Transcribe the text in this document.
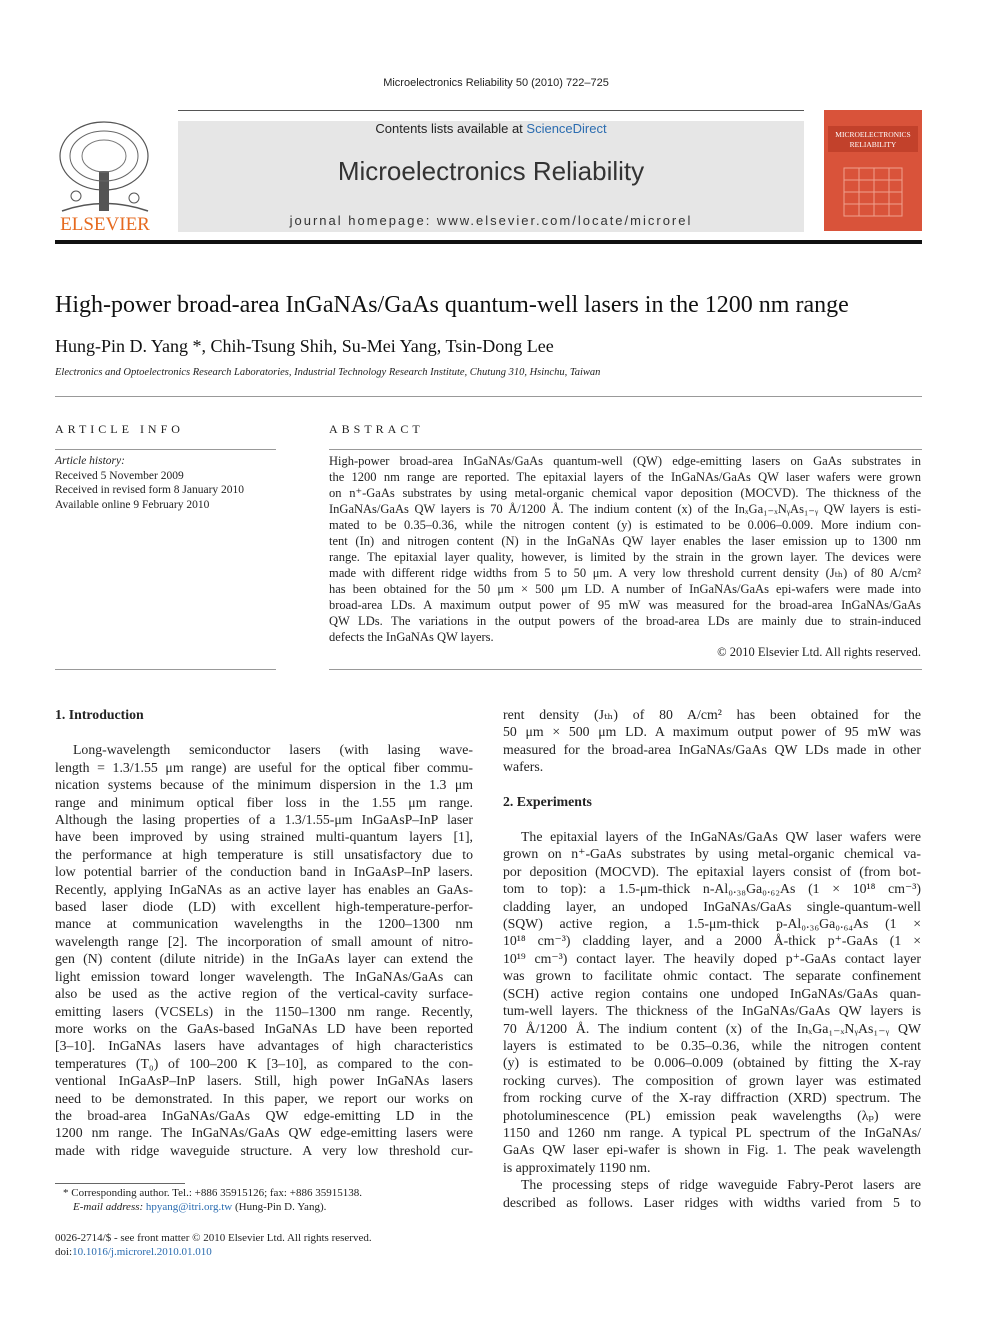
Microelectronics Reliability 50 (2010) 722–725
ELSEVIER
Contents lists available at ScienceDirect
Microelectronics Reliability
journal homepage: www.elsevier.com/locate/microrel
MICROELECTRONICS
RELIABILITY
High-power broad-area InGaNAs/GaAs quantum-well lasers in the 1200 nm range
Hung-Pin D. Yang *, Chih-Tsung Shih, Su-Mei Yang, Tsin-Dong Lee
Electronics and Optoelectronics Research Laboratories, Industrial Technology Research Institute, Chutung 310, Hsinchu, Taiwan
ARTICLE INFO
Article history:
Received 5 November 2009
Received in revised form 8 January 2010
Available online 9 February 2010
ABSTRACT
High-power broad-area InGaNAs/GaAs quantum-well (QW) edge-emitting lasers on GaAs substrates in
the 1200 nm range are reported. The epitaxial layers of the InGaNAs/GaAs QW laser wafers were grown
on n⁺-GaAs substrates by using metal-organic chemical vapor deposition (MOCVD). The thickness of the
InGaNAs/GaAs QW layers is 70 Å/1200 Å. The indium content (x) of the InₓGa₁₋ₓNᵧAs₁₋ᵧ QW layers is esti-
mated to be 0.35–0.36, while the nitrogen content (y) is estimated to be 0.006–0.009. More indium con-
tent (In) and nitrogen content (N) in the InGaNAs QW layer enables the laser emission up to 1300 nm
range. The epitaxial layer quality, however, is limited by the strain in the grown layer. The devices were
made with different ridge widths from 5 to 50 μm. A very low threshold current density (Jₜₕ) of 80 A/cm²
has been obtained for the 50 μm × 500 μm LD. A number of InGaNAs/GaAs epi-wafers were made into
broad-area LDs. A maximum output power of 95 mW was measured for the broad-area InGaNAs/GaAs
QW LDs. The variations in the output powers of the broad-area LDs are mainly due to strain-induced
defects the InGaNAs QW layers.
© 2010 Elsevier Ltd. All rights reserved.
1. Introduction
Long-wavelength semiconductor lasers (with lasing wave-
length = 1.3/1.55 μm range) are useful for the optical fiber commu-
nication systems because of the minimum dispersion in the 1.3 μm
range and minimum optical fiber loss in the 1.55 μm range.
Although the lasing properties of a 1.3/1.55-μm InGaAsP–InP laser
have been improved by using strained multi-quantum layers [1],
the performance at high temperature is still unsatisfactory due to
low potential barrier of the conduction band in InGaAsP–InP lasers.
Recently, applying InGaNAs as an active layer has enables an GaAs-
based laser diode (LD) with excellent high-temperature-perfor-
mance at communication wavelengths in the 1200–1300 nm
wavelength range [2]. The incorporation of small amount of nitro-
gen (N) content (dilute nitride) in the InGaAs layer can extend the
light emission toward longer wavelength. The InGaNAs/GaAs can
also be used as the active region of the vertical-cavity surface-
emitting lasers (VCSELs) in the 1150–1300 nm range. Recently,
more works on the GaAs-based InGaNAs LD have been reported
[3–10]. InGaNAs lasers have advantages of high characteristics
temperatures (T₀) of 100–200 K [3–10], as compared to the con-
ventional InGaAsP–InP lasers. Still, high power InGaNAs lasers
need to be demonstrated. In this paper, we report our works on
the broad-area InGaNAs/GaAs QW edge-emitting LD in the
1200 nm range. The InGaNAs/GaAs QW edge-emitting lasers were
made with ridge waveguide structure. A very low threshold cur-
rent density (Jₜₕ) of 80 A/cm² has been obtained for the
50 μm × 500 μm LD. A maximum output power of 95 mW was
measured for the broad-area InGaNAs/GaAs QW LDs made in other
wafers.
2. Experiments
The epitaxial layers of the InGaNAs/GaAs QW laser wafers were
grown on n⁺-GaAs substrates by using metal-organic chemical va-
por deposition (MOCVD). The epitaxial layers consist of (from bot-
tom to top): a 1.5-μm-thick n-Al₀.₃₈Ga₀.₆₂As (1 × 10¹⁸ cm⁻³)
cladding layer, an undoped InGaNAs/GaAs single-quantum-well
(SQW) active region, a 1.5-μm-thick p-Al₀.₃₆Ga₀.₆₄As (1 ×
10¹⁸ cm⁻³) cladding layer, and a 2000 Å-thick p⁺-GaAs (1 ×
10¹⁹ cm⁻³) contact layer. The heavily doped p⁺-GaAs contact layer
was grown to facilitate ohmic contact. The separate confinement
(SCH) active region contains one undoped InGaNAs/GaAs quan-
tum-well layers. The thickness of the InGaNAs/GaAs QW layers is
70 Å/1200 Å. The indium content (x) of the InₓGa₁₋ₓNᵧAs₁₋ᵧ QW
layers is estimated to be 0.35–0.36, while the nitrogen content
(y) is estimated to be 0.006–0.009 (obtained by fitting the X-ray
rocking curves). The composition of grown layer was estimated
from rocking curve of the X-ray diffraction (XRD) spectrum. The
photoluminescence (PL) emission peak wavelengths (λₚ) were
1150 and 1260 nm range. A typical PL spectrum of the InGaNAs/
GaAs QW laser epi-wafer is shown in Fig. 1. The peak wavelength
is approximately 1190 nm.
The processing steps of ridge waveguide Fabry-Perot lasers are
described as follows. Laser ridges with widths varied from 5 to
* Corresponding author. Tel.: +886 35915126; fax: +886 35915138.
E-mail address: hpyang@itri.org.tw (Hung-Pin D. Yang).
0026-2714/$ - see front matter © 2010 Elsevier Ltd. All rights reserved.
doi:10.1016/j.microrel.2010.01.010
